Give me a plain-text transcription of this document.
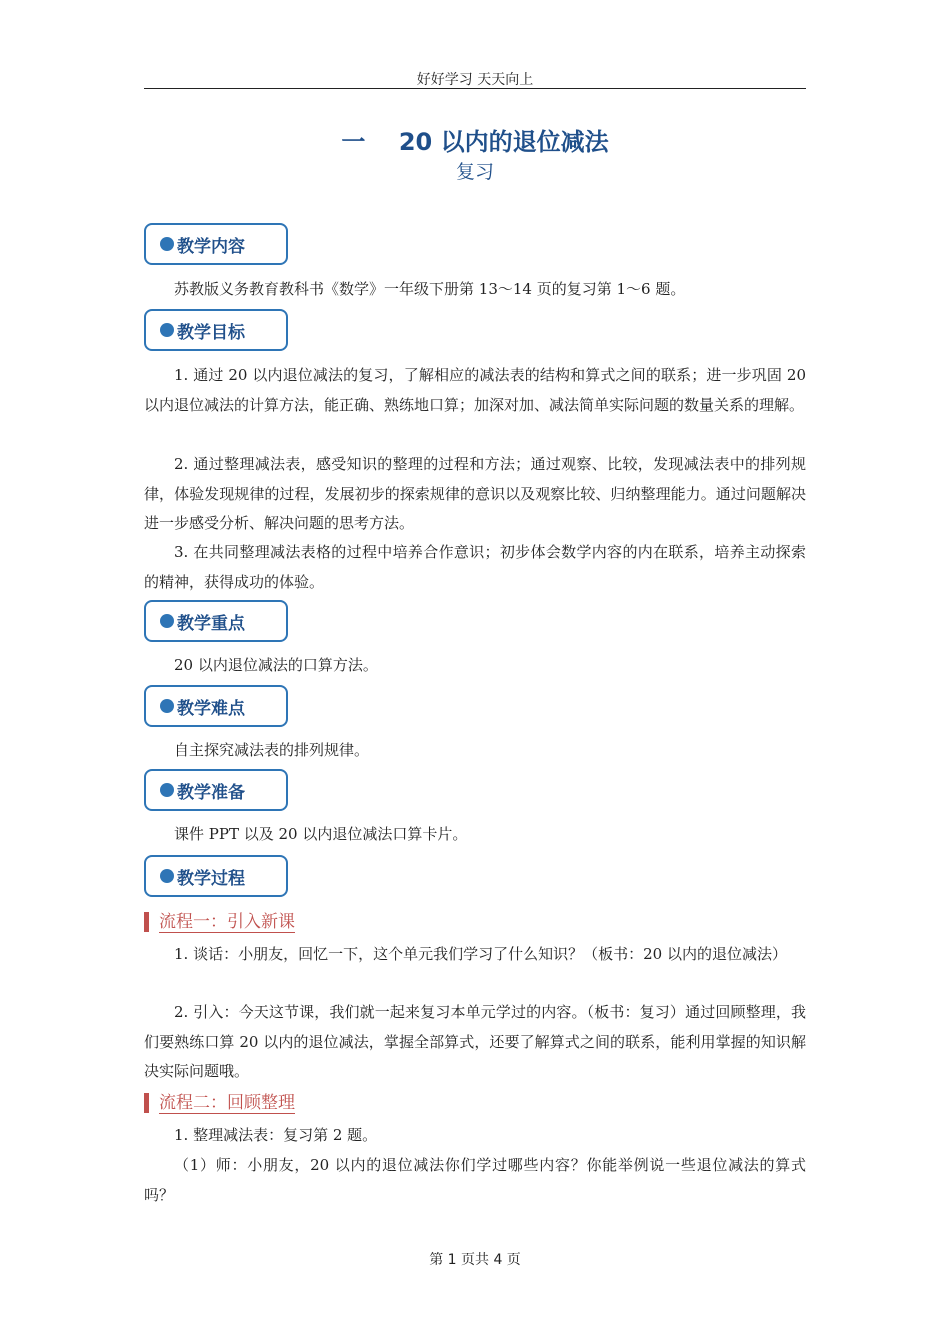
好好学习 天天向上
一    20 以内的退位减法
复习
教学内容
苏教版义务教育教科书《数学》一年级下册第 13～14 页的复习第 1～6 题。
教学目标
1. 通过 20 以内退位减法的复习，了解相应的减法表的结构和算式之间的联系；进一步巩固 20 以内退位减法的计算方法，能正确、熟练地口算；加深对加、减法简单实际问题的数量关系的理解。
2. 通过整理减法表，感受知识的整理的过程和方法；通过观察、比较，发现减法表中的排列规律，体验发现规律的过程，发展初步的探索规律的意识以及观察比较、归纳整理能力。通过问题解决进一步感受分析、解决问题的思考方法。
3. 在共同整理减法表格的过程中培养合作意识；初步体会数学内容的内在联系，培养主动探索的精神，获得成功的体验。
教学重点
20 以内退位减法的口算方法。
教学难点
自主探究减法表的排列规律。
教学准备
课件 PPT 以及 20 以内退位减法口算卡片。
教学过程
流程一：引入新课
1. 谈话：小朋友，回忆一下，这个单元我们学习了什么知识？（板书：20 以内的退位减法）
2. 引入：今天这节课，我们就一起来复习本单元学过的内容。（板书：复习）通过回顾整理，我们要熟练口算 20 以内的退位减法，掌握全部算式，还要了解算式之间的联系，能利用掌握的知识解决实际问题哦。
流程二：回顾整理
1. 整理减法表：复习第 2 题。
（1）师：小朋友，20 以内的退位减法你们学过哪些内容？你能举例说一些退位减法的算式吗？
第 1 页共 4 页
